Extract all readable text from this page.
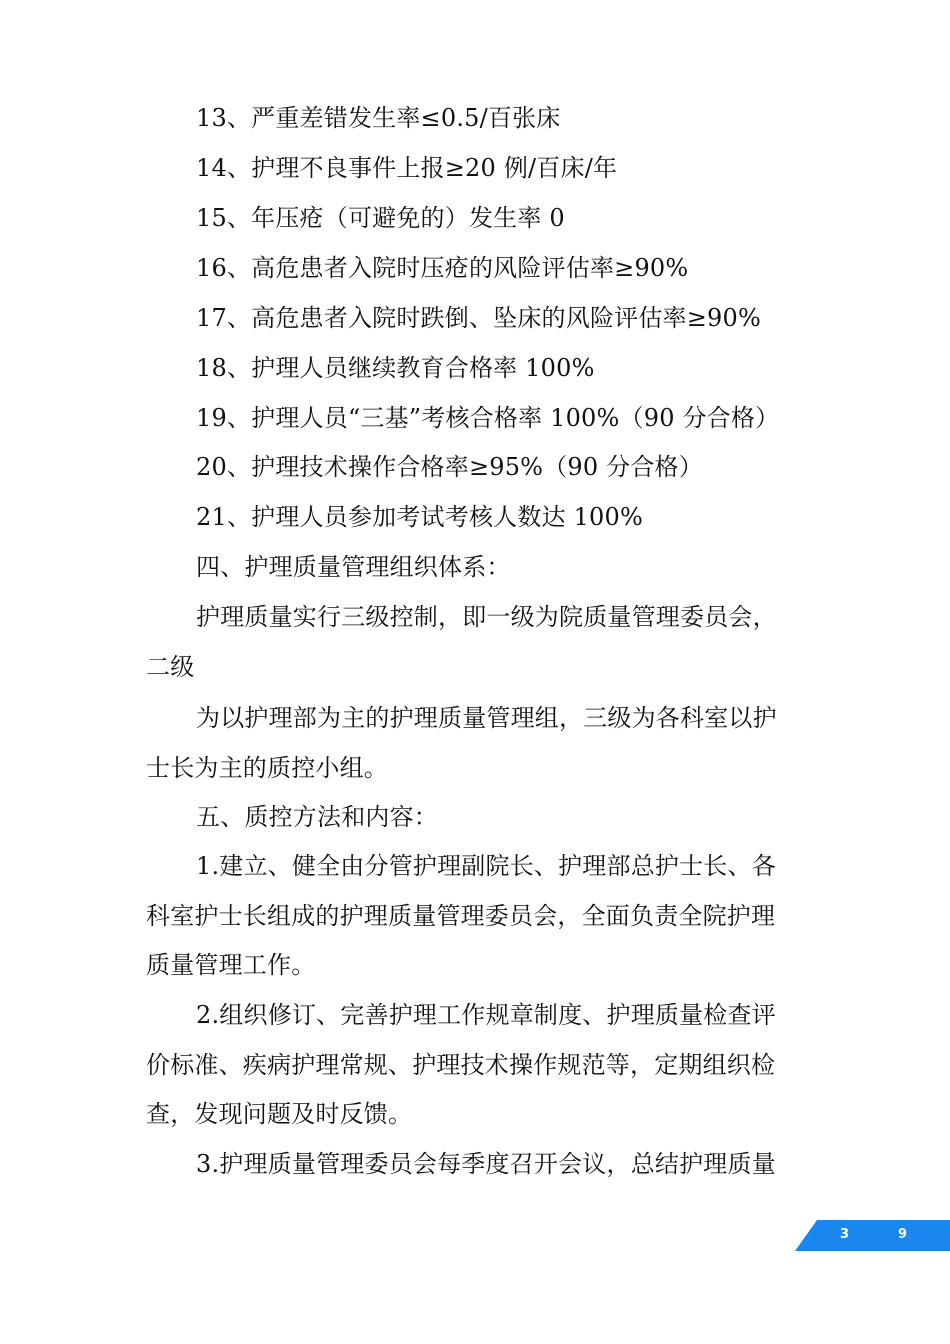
13、严重差错发生率≤0.5/百张床
14、护理不良事件上报≥20 例/百床/年
15、年压疮（可避免的）发生率 0
16、高危患者入院时压疮的风险评估率≥90%
17、高危患者入院时跌倒、坠床的风险评估率≥90%
18、护理人员继续教育合格率 100%
19、护理人员“三基”考核合格率 100%（90 分合格）
20、护理技术操作合格率≥95%（90 分合格）
21、护理人员参加考试考核人数达 100%
四、护理质量管理组织体系：
护理质量实行三级控制，即一级为院质量管理委员会，
二级
为以护理部为主的护理质量管理组，三级为各科室以护
士长为主的质控小组。
五、质控方法和内容：
1.建立、健全由分管护理副院长、护理部总护士长、各
科室护士长组成的护理质量管理委员会，全面负责全院护理
质量管理工作。
2.组织修订、完善护理工作规章制度、护理质量检查评
价标准、疾病护理常规、护理技术操作规范等，定期组织检
查，发现问题及时反馈。
3.护理质量管理委员会每季度召开会议，总结护理质量
3	9
